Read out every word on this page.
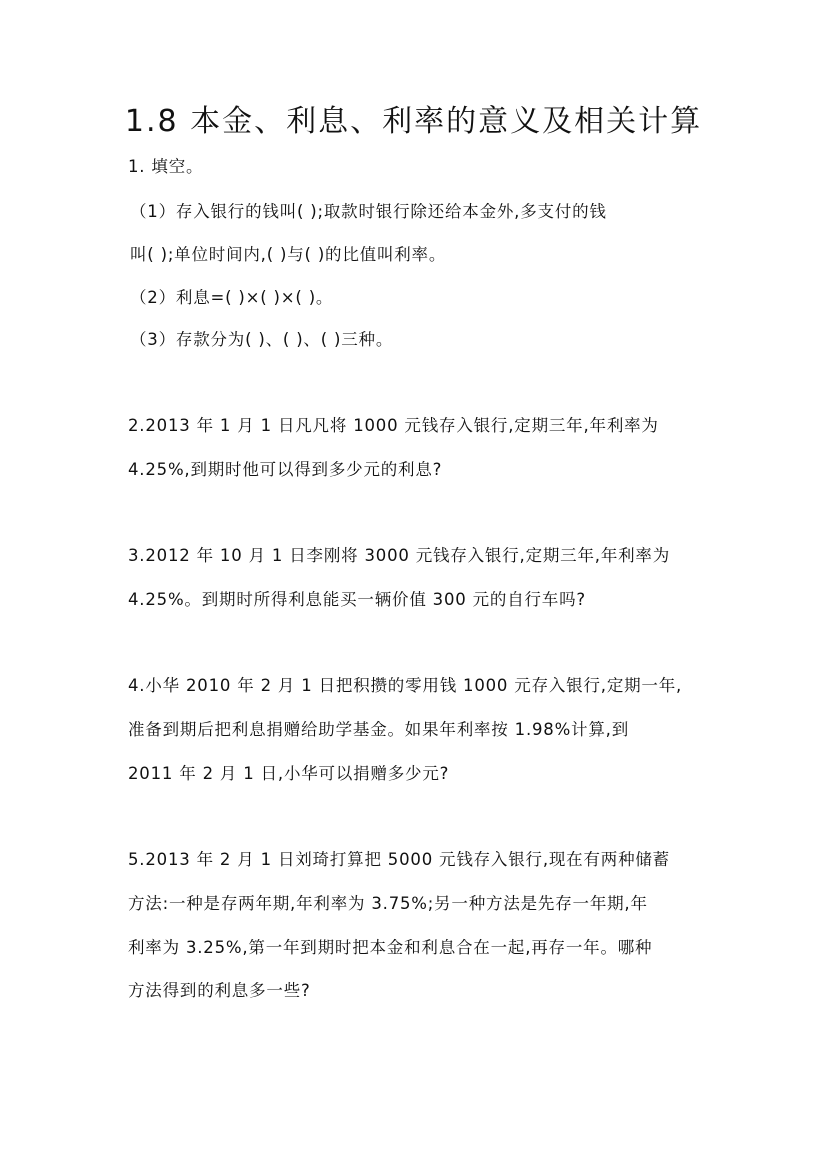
1.8 本金、利息、利率的意义及相关计算
1. 填空。
（1）存入银行的钱叫( );取款时银行除还给本金外,多支付的钱
叫( );单位时间内,( )与( )的比值叫利率。
（2）利息=( )×( )×( )。
（3）存款分为( )、( )、( )三种。
2.2013 年 1 月 1 日凡凡将 1000 元钱存入银行,定期三年,年利率为
4.25%,到期时他可以得到多少元的利息?
3.2012 年 10 月 1 日李刚将 3000 元钱存入银行,定期三年,年利率为
4.25%。到期时所得利息能买一辆价值 300 元的自行车吗?
4.小华 2010 年 2 月 1 日把积攒的零用钱 1000 元存入银行,定期一年,
准备到期后把利息捐赠给助学基金。如果年利率按 1.98%计算,到
2011 年 2 月 1 日,小华可以捐赠多少元?
5.2013 年 2 月 1 日刘琦打算把 5000 元钱存入银行,现在有两种储蓄
方法:一种是存两年期,年利率为 3.75%;另一种方法是先存一年期,年
利率为 3.25%,第一年到期时把本金和利息合在一起,再存一年。哪种
方法得到的利息多一些?
